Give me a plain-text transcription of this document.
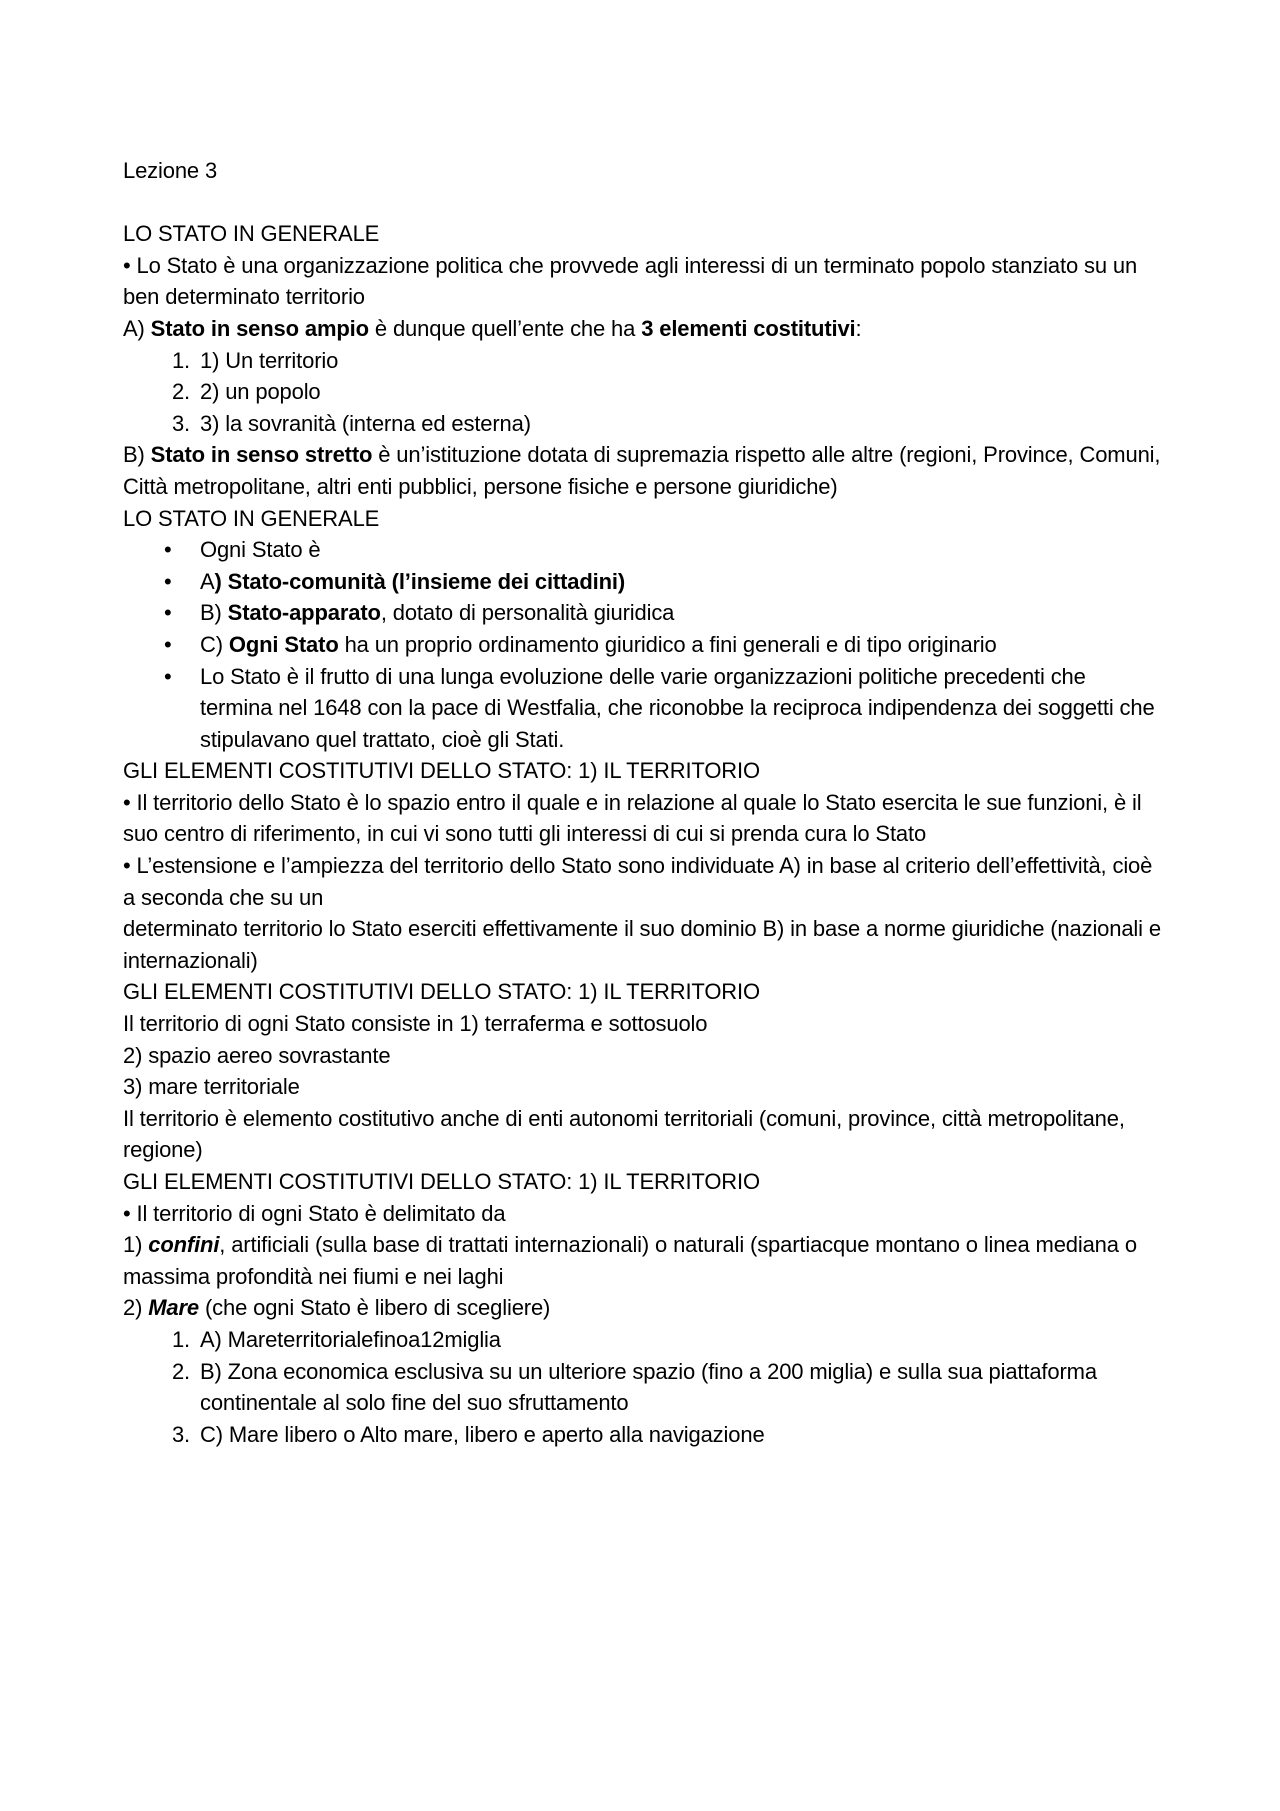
Lezione 3

LO STATO IN GENERALE

• Lo Stato è una organizzazione politica che provvede agli interessi di un terminato popolo stanziato su un ben determinato territorio

A) Stato in senso ampio è dunque quell’ente che ha 3 elementi costitutivi:

1. 1) Un territorio

2. 2) un popolo

3. 3) la sovranità (interna ed esterna)

B) Stato in senso stretto è un’istituzione dotata di supremazia rispetto alle altre (regioni, Province, Comuni, Città metropolitane, altri enti pubblici, persone fisiche e persone giuridiche)

LO STATO IN GENERALE

• Ogni Stato è

• A) Stato-comunità (l’insieme dei cittadini)

• B) Stato-apparato, dotato di personalità giuridica

• C) Ogni Stato ha un proprio ordinamento giuridico a fini generali e di tipo originario

• Lo Stato è il frutto di una lunga evoluzione delle varie organizzazioni politiche precedenti che termina nel 1648 con la pace di Westfalia, che riconobbe la reciproca indipendenza dei soggetti che stipulavano quel trattato, cioè gli Stati.

GLI ELEMENTI COSTITUTIVI DELLO STATO: 1) IL TERRITORIO

• Il territorio dello Stato è lo spazio entro il quale e in relazione al quale lo Stato esercita le sue funzioni, è il suo centro di riferimento, in cui vi sono tutti gli interessi di cui si prenda cura lo Stato

• L’estensione e l’ampiezza del territorio dello Stato sono individuate A) in base al criterio dell’effettività, cioè a seconda che su un

determinato territorio lo Stato eserciti effettivamente il suo dominio B) in base a norme giuridiche (nazionali e internazionali)

GLI ELEMENTI COSTITUTIVI DELLO STATO: 1) IL TERRITORIO

Il territorio di ogni Stato consiste in 1) terraferma e sottosuolo

2) spazio aereo sovrastante

3) mare territoriale

Il territorio è elemento costitutivo anche di enti autonomi territoriali (comuni, province, città metropolitane, regione)

GLI ELEMENTI COSTITUTIVI DELLO STATO: 1) IL TERRITORIO

• Il territorio di ogni Stato è delimitato da

1) confini, artificiali (sulla base di trattati internazionali) o naturali (spartiacque montano o linea mediana o massima profondità nei fiumi e nei laghi

2) Mare (che ogni Stato è libero di scegliere)

1. A) Mareterritorialefinoa12miglia

2. B) Zona economica esclusiva su un ulteriore spazio (fino a 200 miglia) e sulla sua piattaforma continentale al solo fine del suo sfruttamento

3. C) Mare libero o Alto mare, libero e aperto alla navigazione
